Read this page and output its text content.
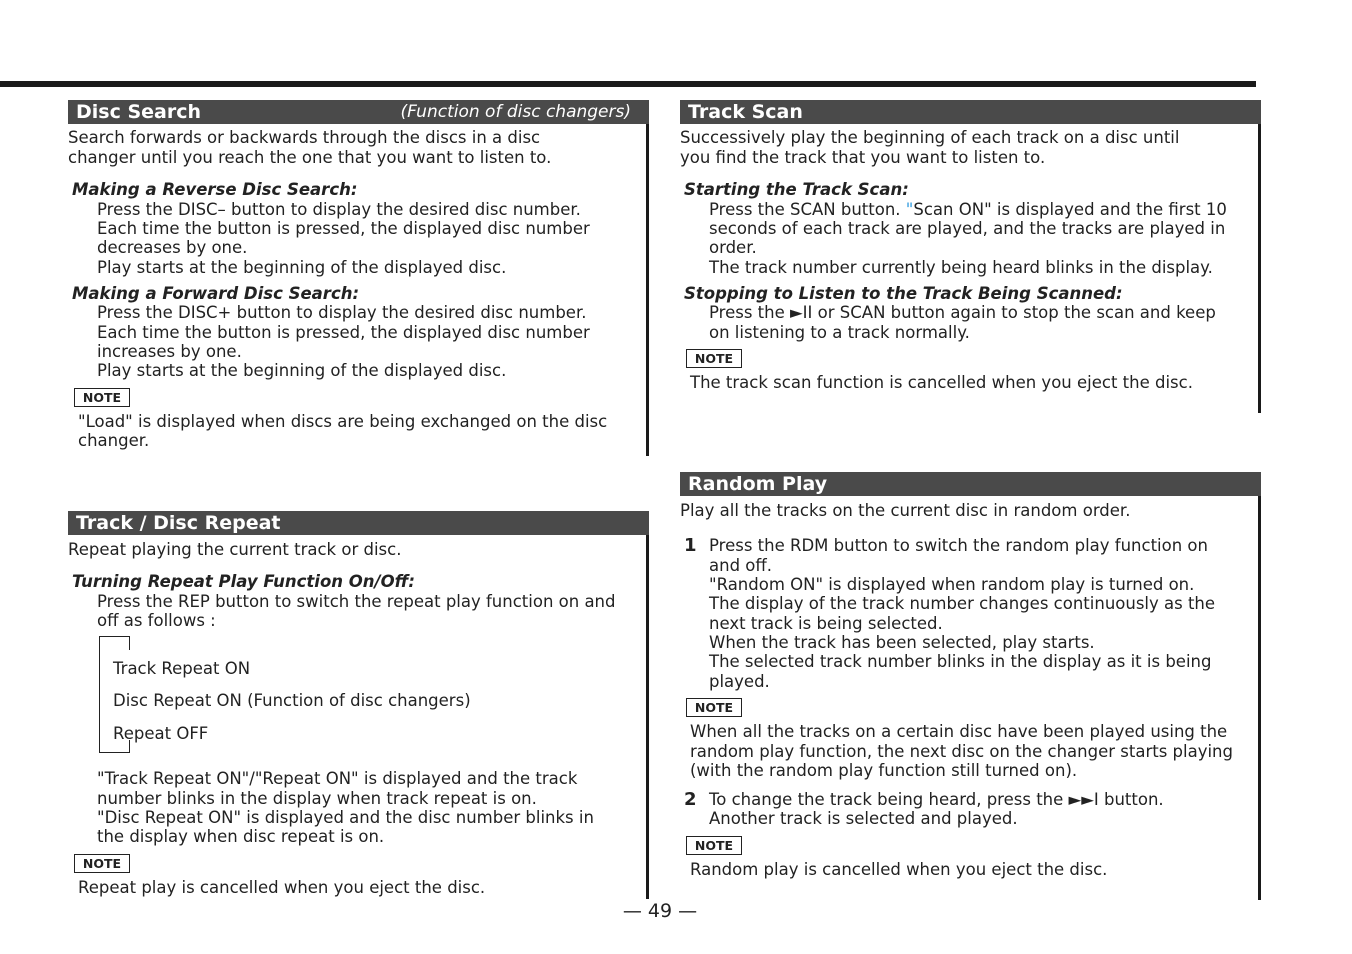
Disc Search	(Function of disc changers)
Search forwards or backwards through the discs in a disc
changer until you reach the one that you want to listen to.
Making a Reverse Disc Search:
Press the DISC– button to display the desired disc number.
Each time the button is pressed, the displayed disc number
decreases by one.
Play starts at the beginning of the displayed disc.
Making a Forward Disc Search:
Press the DISC+ button to display the desired disc number.
Each time the button is pressed, the displayed disc number
increases by one.
Play starts at the beginning of the displayed disc.
NOTE
"Load" is displayed when discs are being exchanged on the disc
changer.
Track / Disc Repeat
Repeat playing the current track or disc.
Turning Repeat Play Function On/Off:
Press the REP button to switch the repeat play function on and
off as follows :
Track Repeat ON
Disc Repeat ON (Function of disc changers)
Repeat OFF
"Track Repeat ON"/"Repeat ON" is displayed and the track
number blinks in the display when track repeat is on.
"Disc Repeat ON" is displayed and the disc number blinks in
the display when disc repeat is on.
NOTE
Repeat play is cancelled when you eject the disc.
Track Scan
Successively play the beginning of each track on a disc until
you find the track that you want to listen to.
Starting the Track Scan:
Press the SCAN button. "Scan ON" is displayed and the first 10
seconds of each track are played, and the tracks are played in
order.
The track number currently being heard blinks in the display.
Stopping to Listen to the Track Being Scanned:
Press the ►II or SCAN button again to stop the scan and keep
on listening to a track normally.
NOTE
The track scan function is cancelled when you eject the disc.
Random Play
Play all the tracks on the current disc in random order.
1 Press the RDM button to switch the random play function on
and off.
"Random ON" is displayed when random play is turned on.
The display of the track number changes continuously as the
next track is being selected.
When the track has been selected, play starts.
The selected track number blinks in the display as it is being
played.
NOTE
When all the tracks on a certain disc have been played using the
random play function, the next disc on the changer starts playing
(with the random play function still turned on).
2 To change the track being heard, press the ►►I button.
Another track is selected and played.
NOTE
Random play is cancelled when you eject the disc.
— 49 —
